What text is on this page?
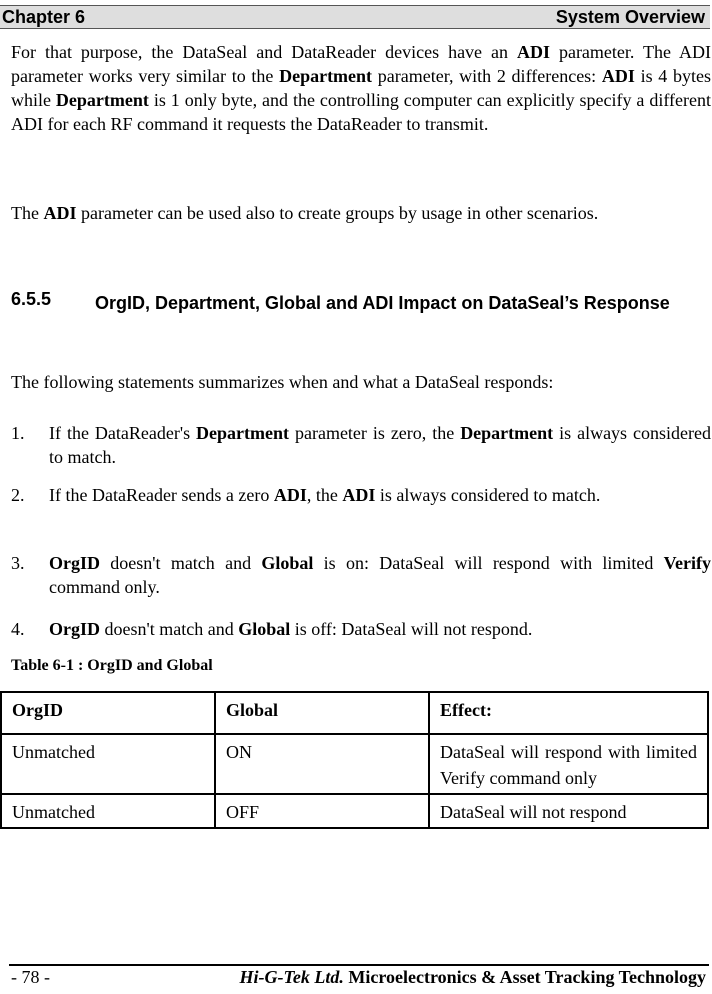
Chapter 6	System Overview
For that purpose, the DataSeal and DataReader devices have an ADI parameter. The ADI parameter works very similar to the Department parameter, with 2 differences: ADI is 4 bytes while Department is 1 only byte, and the controlling computer can explicitly specify a different ADI for each RF command it requests the DataReader to transmit.
The ADI parameter can be used also to create groups by usage in other scenarios.
6.5.5 OrgID, Department, Global and ADI Impact on DataSeal’s Response
The following statements summarizes when and what a DataSeal responds:
1. If the DataReader's Department parameter is zero, the Department is always considered to match.
2. If the DataReader sends a zero ADI, the ADI is always considered to match.
3. OrgID doesn't match and Global is on: DataSeal will respond with limited Verify command only.
4. OrgID doesn't match and Global is off: DataSeal will not respond.
Table 6-1 : OrgID and Global
OrgID	Global	Effect:
Unmatched	ON	DataSeal will respond with limited Verify command only
Unmatched	OFF	DataSeal will not respond
- 78 -	Hi-G-Tek Ltd. Microelectronics & Asset Tracking Technology
